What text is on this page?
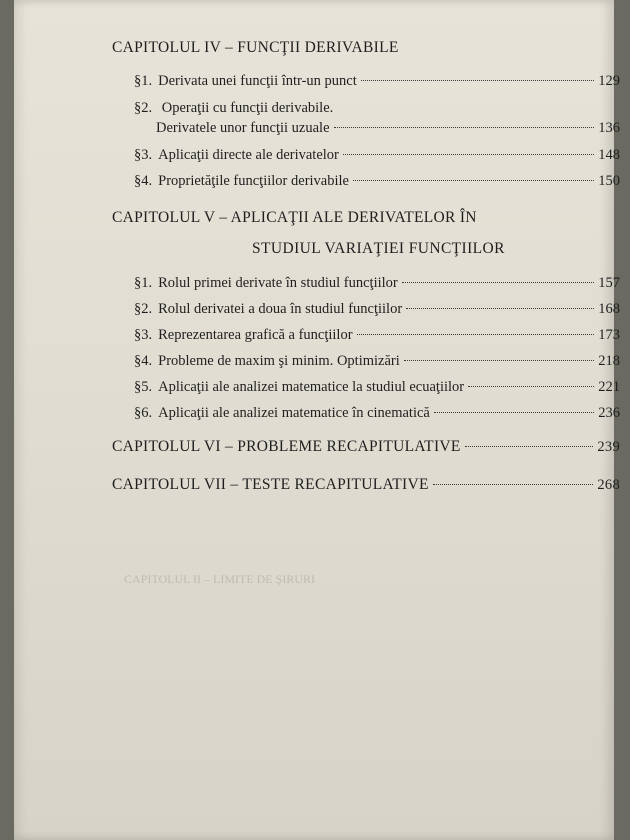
CAPITOLUL II – LIMITE DE ŞIRURI
CAPITOLUL IV – FUNCŢII DERIVABILE
§1. Derivata unei funcţii într-un punct	129
§2. Operaţii cu funcţii derivabile.
Derivatele unor funcţii uzuale	136
§3. Aplicaţii directe ale derivatelor	148
§4. Proprietăţile funcţiilor derivabile	150
CAPITOLUL V – APLICAŢII ALE DERIVATELOR ÎN
STUDIUL VARIAŢIEI FUNCŢIILOR
§1. Rolul primei derivate în studiul funcţiilor	157
§2. Rolul derivatei a doua în studiul funcţiilor	168
§3. Reprezentarea grafică a funcţiilor	173
§4. Probleme de maxim şi minim. Optimizări	218
§5. Aplicaţii ale analizei matematice la studiul ecuaţiilor	221
§6. Aplicaţii ale analizei matematice în cinematică	236
CAPITOLUL VI – PROBLEME RECAPITULATIVE	239
CAPITOLUL VII – TESTE RECAPITULATIVE	268
